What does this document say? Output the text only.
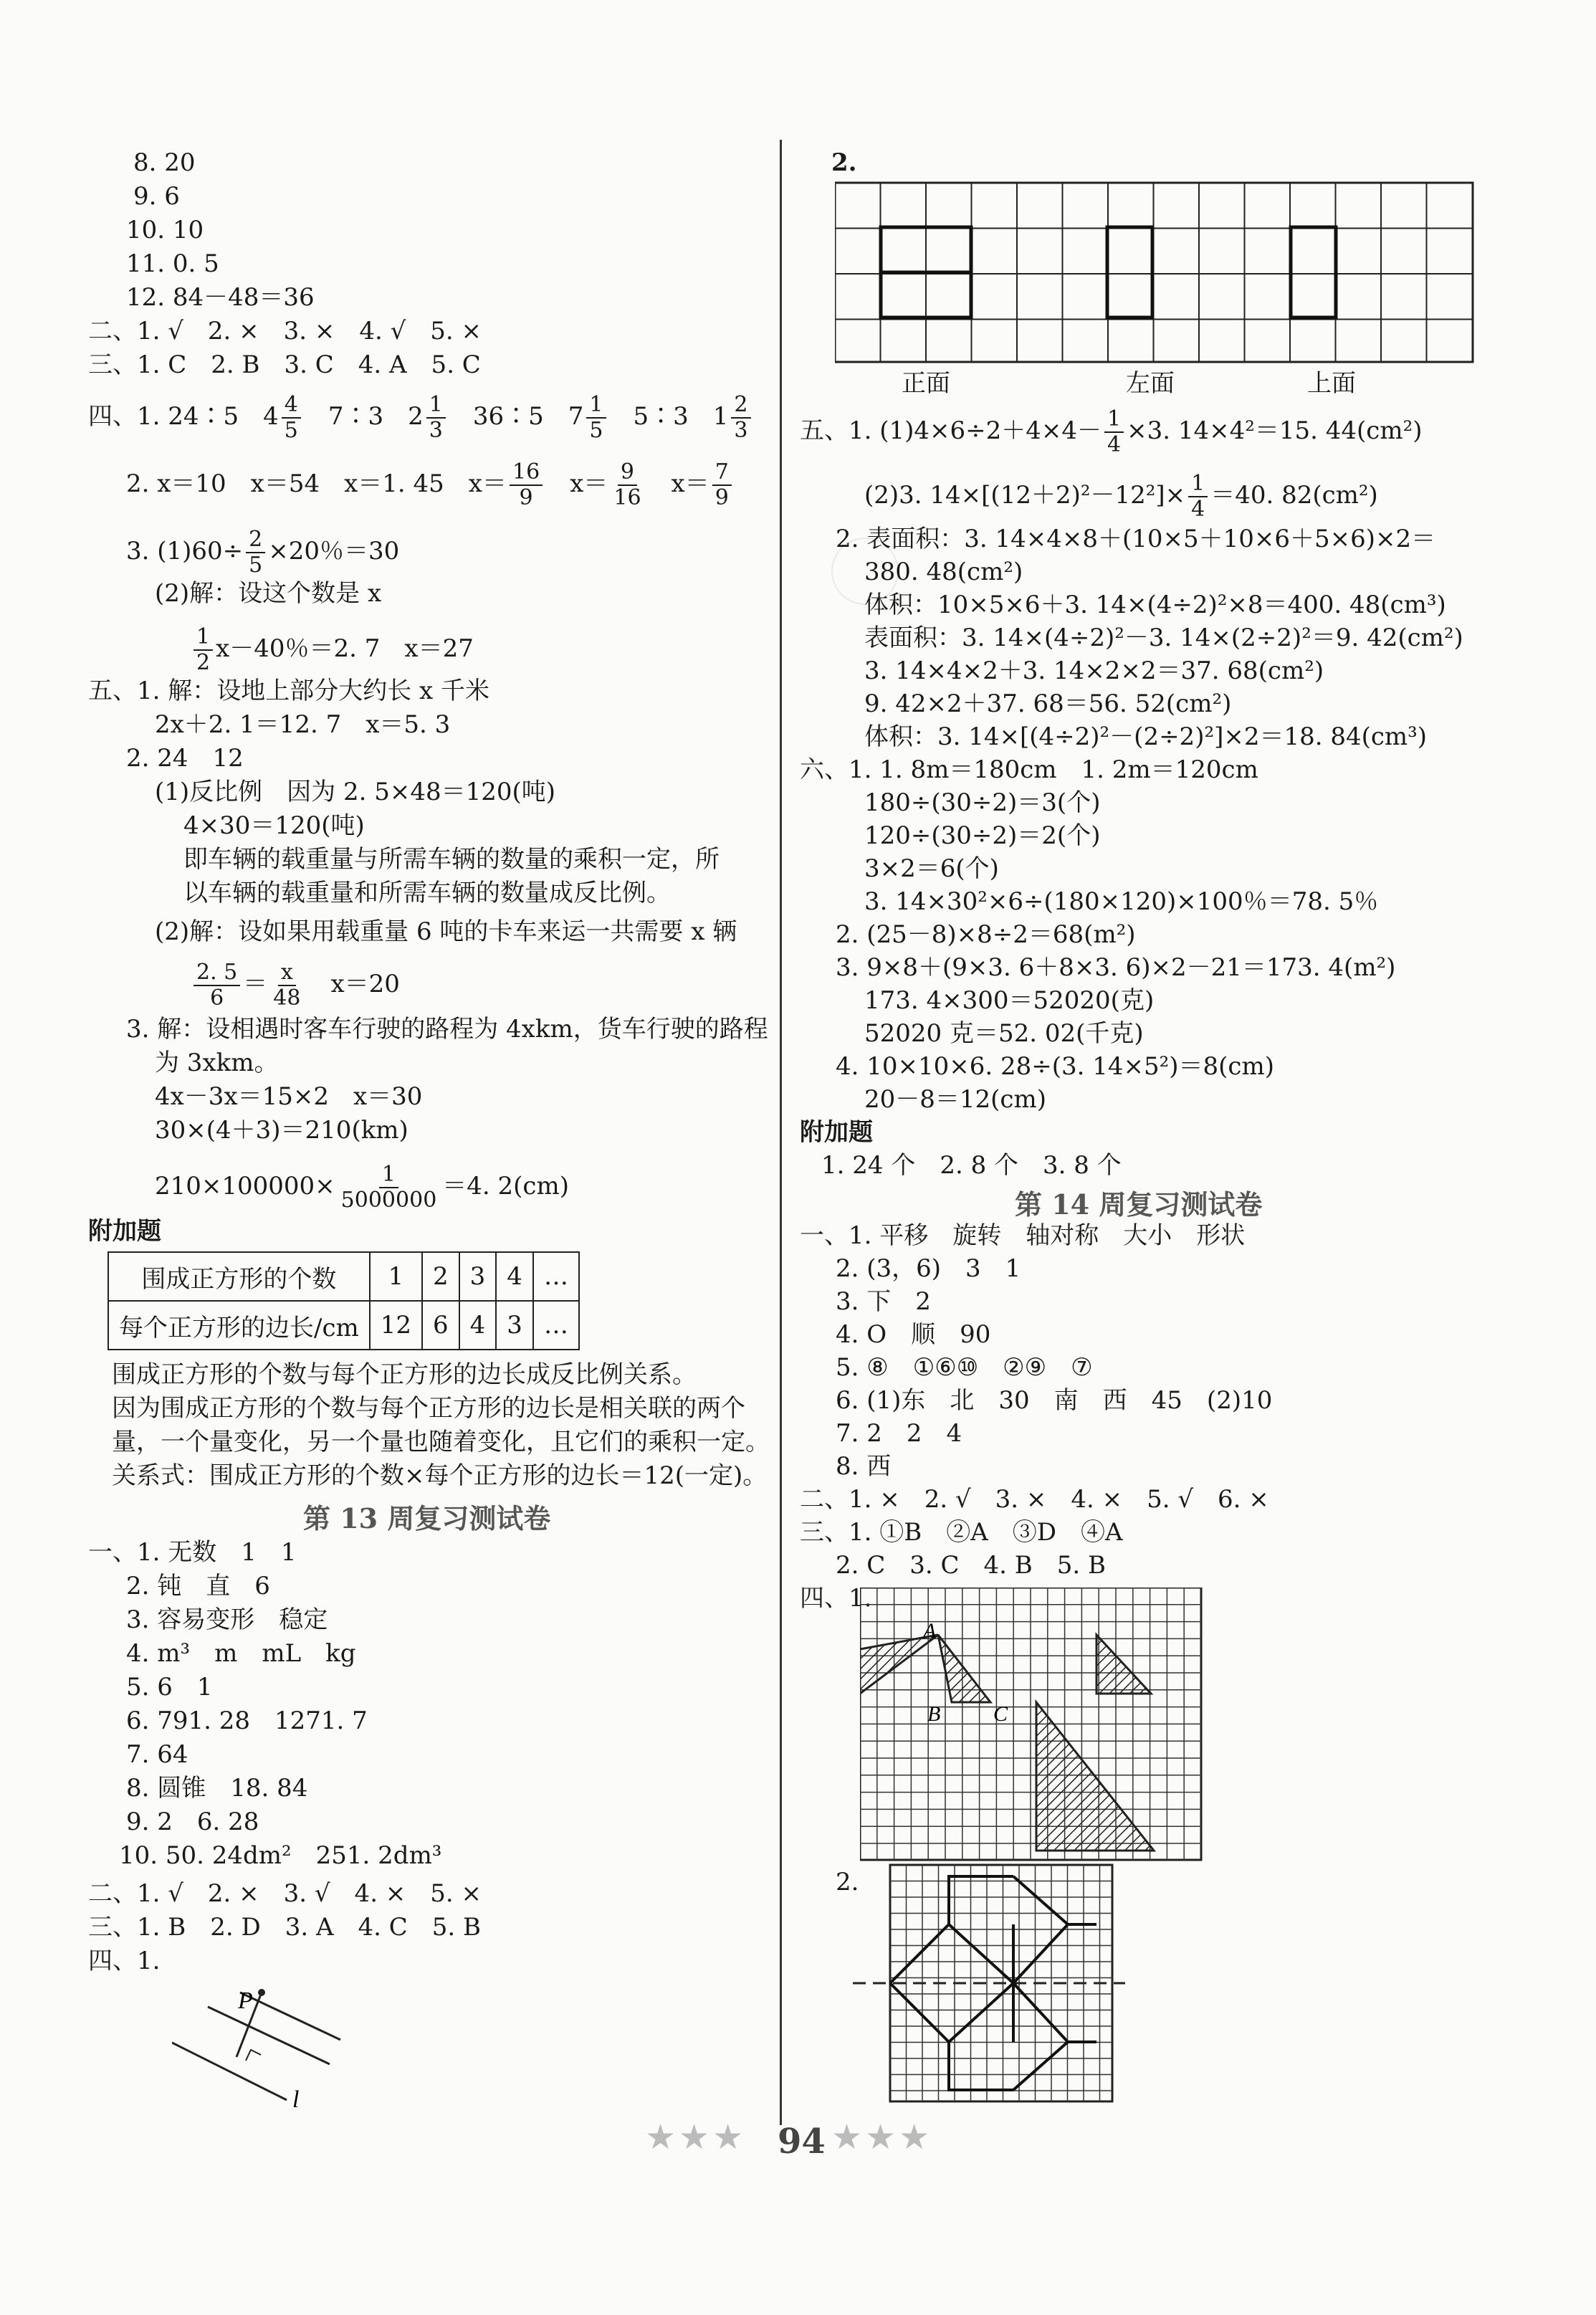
8. 20
9. 6
10. 10
11. 0. 5
12. 84－48＝36
二、1. √　2. ×　3. ×　4. √　5. ×
三、1. C　2. B　3. C　4. A　5. C
四、1. 24∶5　$4 \frac{4}{5}$ 　7∶3　$2 \frac{1}{3}$ 　36∶5　$7 \frac{1}{5}$ 　5∶3　$1 \frac{2}{3}$
2. x＝10　x＝54　x＝1. 45　$x= \frac{16}{9}$ 　$x= \frac{9}{16}$ 　$x= \frac{7}{9}$
3. $(1)60\div \frac{2}{5} \times 20$％＝30
(2)解：设这个数是 x
$\frac{1}{2} x-40$％＝2. 7　x＝27
五、1. 解：设地上部分大约长 x 千米
2x＋2. 1＝12. 7　x＝5. 3
2. 24　12
(1)反比例　因为 2. 5×48＝120(吨)
4×30＝120(吨)
即车辆的载重量与所需车辆的数量的乘积一定，所
以车辆的载重量和所需车辆的数量成反比例。
(2)解：设如果用载重量 6 吨的卡车来运一共需要 x 辆
$\frac{2. 5}{6} = \frac{x}{48}$
　 x＝20
3. 解：设相遇时客车行驶的路程为 4xkm，货车行驶的路程
为 3xkm。
4x－3x＝15×2　x＝30
30×(4＋3)＝210(km)
$210\times 100000\times \frac{1}{5000000} =4$. 2(cm)
附加题
围成正方形的个数	1	2	3	4	…
每个正方形的边长/cm	12	6	4	3	…
围成正方形的个数与每个正方形的边长成反比例关系。
因为围成正方形的个数与每个正方形的边长是相关联的两个
量，一个量变化，另一个量也随着变化，且它们的乘积一定。
关系式：围成正方形的个数×每个正方形的边长＝12(一定)。
第 13 周复习测试卷
一、1. 无数　1　1
2. 钝　直　6
3. 容易变形　稳定
4. m³　m　mL　kg
5. 6　1
6. 791. 28　1271. 7
7. 64
8. 圆锥　18. 84
9. 2　6. 28
10. 50. 24dm²　251. 2dm³
二、1. √　2. ×　3. √　4. ×　5. ×
三、1. B　2. D　3. A　4. C　5. B
四、1.
P
l
2.
正面	左面	上面
五、1. $(1)4\times 6\div 2+4\times 4- \frac{1}{4} \times 3$. 14×4²＝15. 44(cm²)
(2)3. $14\times[(12+2)^2-12^2]\times \frac{1}{4} =40$. 82(cm²)
2. 表面积：3. 14×4×8＋(10×5＋10×6＋5×6)×2＝
380. 48(cm²)
体积：10×5×6＋3. 14×(4÷2)²×8＝400. 48(cm³)
表面积：3. 14×(4÷2)²－3. 14×(2÷2)²＝9. 42(cm²)
3. 14×4×2＋3. 14×2×2＝37. 68(cm²)
9. 42×2＋37. 68＝56. 52(cm²)
体积：3. 14×[(4÷2)²－(2÷2)²]×2＝18. 84(cm³)
六、1. 1. 8m＝180cm　1. 2m＝120cm
180÷(30÷2)＝3(个)
120÷(30÷2)＝2(个)
3×2＝6(个)
3. 14×30²×6÷(180×120)×100％＝78. 5％
2. (25－8)×8÷2＝68(m²)
3. 9×8＋(9×3. 6＋8×3. 6)×2－21＝173. 4(m²)
173. 4×300＝52020(克)
52020 克＝52. 02(千克)
4. 10×10×6. 28÷(3. 14×5²)＝8(cm)
20－8＝12(cm)
附加题
1. 24 个　2. 8 个　3. 8 个
第 14 周复习测试卷
一、1. 平移　旋转　轴对称　大小　形状
2. (3，6)　3　1
3. 下　2
4. O　顺　90
5. ⑧　①⑥⑩　②⑨　⑦
6. (1)东　北　30　南　西　45　(2)10
7. 2　2　4
8. 西
二、1. ×　2. √　3. ×　4. ×　5. √　6. ×
三、1. ①B　②A　③D　④A
2. C　3. C　4. B　5. B
四、1.
A
B C
2.
★★★ 94 ★★★
